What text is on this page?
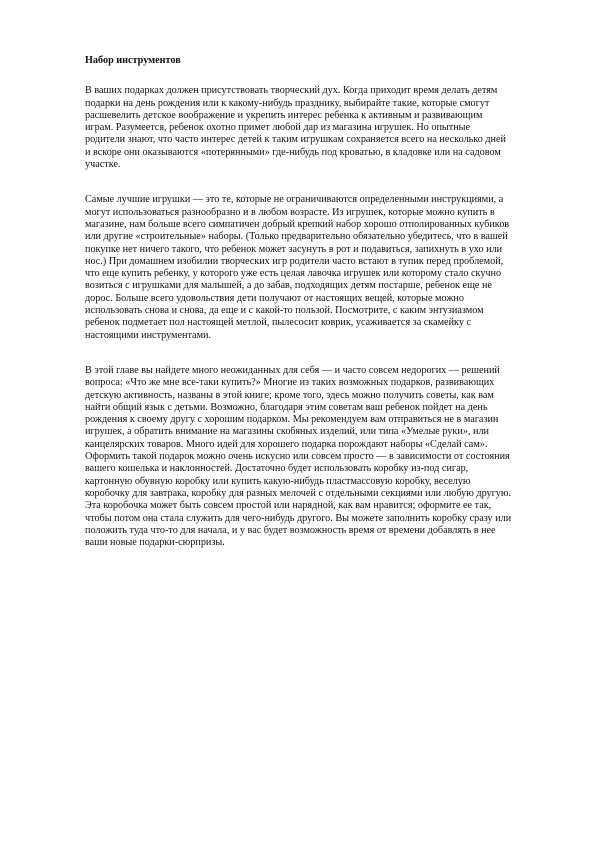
Набор инструментов

В ваших подарках должен присутствовать творческий дух. Когда приходит время делать детям подарки на день рождения или к какому-нибудь празднику, выбирайте такие, которые смогут расшевелить детское воображение и укрепить интерес ребенка к активным и развивающим играм. Разумеется, ребенок охотно примет любой дар из магазина игрушек. Но опытные родители знают, что часто интерес детей к таким игрушкам сохраняется всего на несколько дней и вскоре они оказываются «потерянными» где-нибудь под кроватью, в кладовке или на садовом участке.

Самые лучшие игрушки — это те, которые не ограничиваются определенными инструкциями, а могут использоваться разнообразно и в любом возрасте. Из игрушек, которые можно купить в магазине, нам больше всего симпатичен добрый крепкий набор хорошо отполированных кубиков или другие «строительные» наборы. (Только предварительно обязательно убедитесь, что в вашей покупке нет ничего такого, что ребенок может засунуть в рот и подавиться, запихнуть в ухо или нос.) При домашнем изобилии творческих игр родители часто встают в тупик перед проблемой, что еще купить ребенку, у которого уже есть целая лавочка игрушек или которому стало скучно возиться с игрушками для малышей, а до забав, подходящих детям постарше, ребенок еще не дорос. Больше всего удовольствия дети получают от настоящих вещей, которые можно использовать снова и снова, да еще и с какой-то пользой. Посмотрите, с каким энтузиазмом ребенок подметает пол настоящей метлой, пылесосит коврик, усаживается за скамейку с настоящими инструментами.

В этой главе вы найдете много неожиданных для себя — и часто совсем недорогих — решений вопроса: «Что же мне все-таки купить?» Многие из таких возможных подарков, развивающих детскую активность, названы в этой книге; кроме того, здесь можно получить советы, как вам найти общий язык с детьми. Возможно, благодаря этим советам ваш ребенок пойдет на день рождения к своему другу с хорошим подарком. Мы рекомендуем вам отправиться не в магазин игрушек, а обратить внимание на магазины скобяных изделий, или типа «Умелые руки», или канцелярских товаров. Много идей для хорошего подарка порождают наборы «Сделай сам». Оформить такой подарок можно очень искусно или совсем просто — в зависимости от состояния вашего кошелька и наклонностей. Достаточно будет использовать коробку из-под сигар, картонную обувную коробку или купить какую-нибудь пластмассовую коробку, веселую коробочку для завтрака, коробку для разных мелочей с отдельными секциями или любую другую. Эта коробочка может быть совсем простой или нарядной, как вам нравится; оформите ее так, чтобы потом она стала служить для чего-нибудь другого. Вы можете заполнить коробку сразу или положить туда что-то для начала, и у вас будет возможность время от времени добавлять в нее ваши новые подарки-сюрпризы.
